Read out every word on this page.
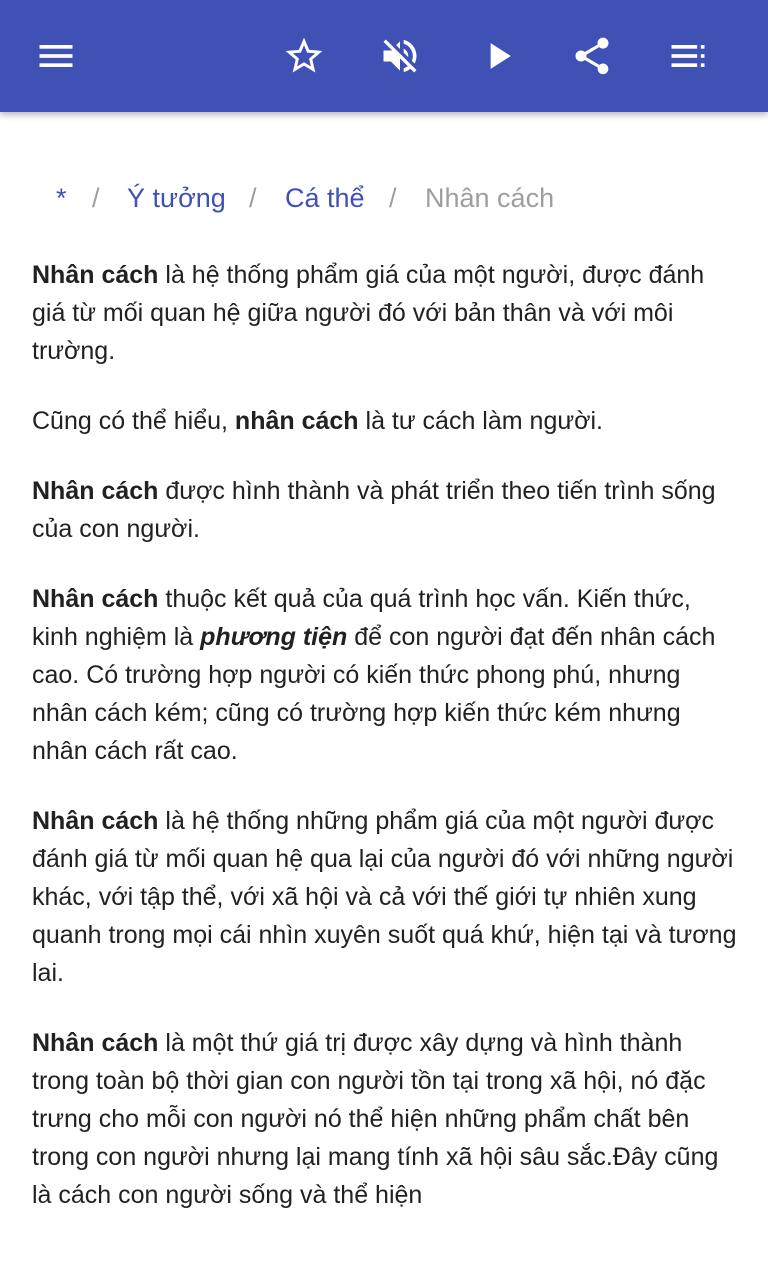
* / Ý tưởng / Cá thể / Nhân cách

Nhân cách là hệ thống phẩm giá của một người, được đánh giá từ mối quan hệ giữa người đó với bản thân và với môi trường.

Cũng có thể hiểu, nhân cách là tư cách làm người.

Nhân cách được hình thành và phát triển theo tiến trình sống của con người.

Nhân cách thuộc kết quả của quá trình học vấn. Kiến thức, kinh nghiệm là phương tiện để con người đạt đến nhân cách cao. Có trường hợp người có kiến thức phong phú, nhưng nhân cách kém; cũng có trường hợp kiến thức kém nhưng nhân cách rất cao.

Nhân cách là hệ thống những phẩm giá của một người được đánh giá từ mối quan hệ qua lại của người đó với những người khác, với tập thể, với xã hội và cả với thế giới tự nhiên xung quanh trong mọi cái nhìn xuyên suốt quá khứ, hiện tại và tương lai.

Nhân cách là một thứ giá trị được xây dựng và hình thành trong toàn bộ thời gian con người tồn tại trong xã hội, nó đặc trưng cho mỗi con người nó thể hiện những phẩm chất bên trong con người nhưng lại mang tính xã hội sâu sắc.Đây cũng là cách con người sống và thể hiện
